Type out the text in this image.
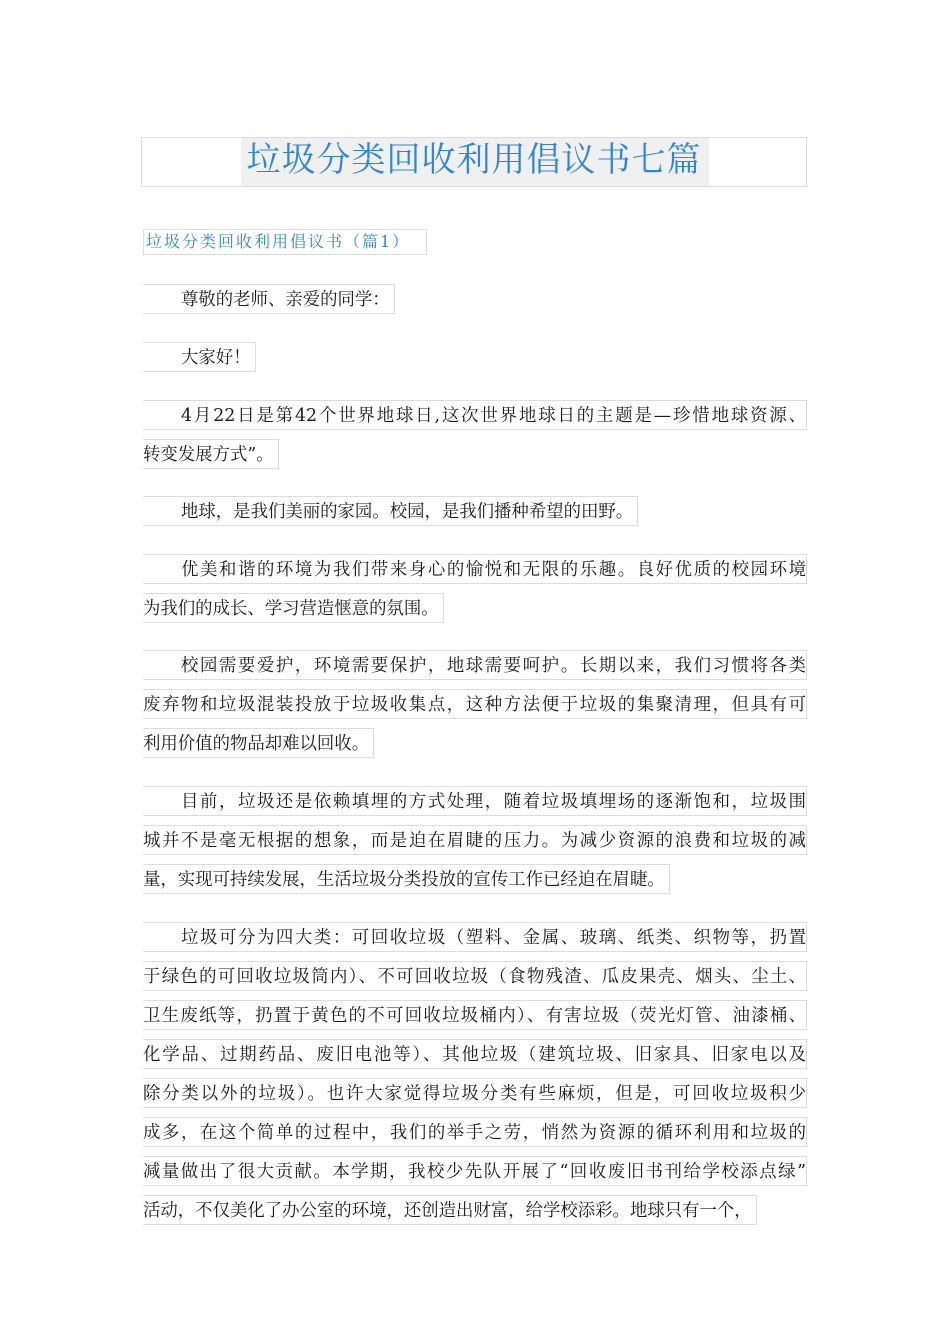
垃圾分类回收利用倡议书七篇
垃圾分类回收利用倡议书（篇1）
尊敬的老师、亲爱的同学：
大家好！
4月22日是第42个世界地球日,这次世界地球日的主题是—珍惜地球资源、
转变发展方式”。
地球，是我们美丽的家园。校园，是我们播种希望的田野。
优美和谐的环境为我们带来身心的愉悦和无限的乐趣。良好优质的校园环境
为我们的成长、学习营造惬意的氛围。
校园需要爱护，环境需要保护，地球需要呵护。长期以来，我们习惯将各类
废弃物和垃圾混装投放于垃圾收集点，这种方法便于垃圾的集聚清理，但具有可
利用价值的物品却难以回收。
目前，垃圾还是依赖填埋的方式处理，随着垃圾填埋场的逐渐饱和，垃圾围
城并不是毫无根据的想象，而是迫在眉睫的压力。为减少资源的浪费和垃圾的减
量，实现可持续发展，生活垃圾分类投放的宣传工作已经迫在眉睫。
垃圾可分为四大类：可回收垃圾（塑料、金属、玻璃、纸类、织物等，扔置
于绿色的可回收垃圾筒内）、不可回收垃圾（食物残渣、瓜皮果壳、烟头、尘土、
卫生废纸等，扔置于黄色的不可回收垃圾桶内）、有害垃圾（荧光灯管、油漆桶、
化学品、过期药品、废旧电池等）、其他垃圾（建筑垃圾、旧家具、旧家电以及
除分类以外的垃圾）。也许大家觉得垃圾分类有些麻烦，但是，可回收垃圾积少
成多，在这个简单的过程中，我们的举手之劳，悄然为资源的循环利用和垃圾的
减量做出了很大贡献。本学期，我校少先队开展了“回收废旧书刊给学校添点绿”
活动，不仅美化了办公室的环境，还创造出财富，给学校添彩。地球只有一个，
